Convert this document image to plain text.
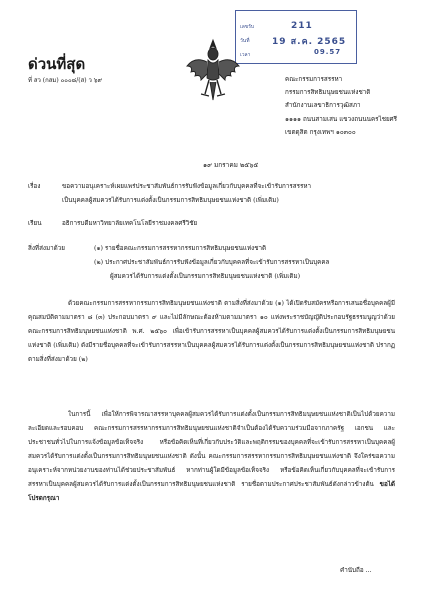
เลขรับ	211
วันที่ 19 ส.ค. 2565
เวลา	09.57
ด่วนที่สุด
ที่ สว (กสม) ๐๐๐๘/(ส) ว ๖๙	คณะกรรมการสรรหา
กรรมการสิทธิมนุษยชนแห่งชาติ
สำนักงานเลขาธิการวุฒิสภา
๑๑๑๑ ถนนสามเสน แขวงถนนนครไชยศรี
เขตดุสิต กรุงเทพฯ ๑๐๓๐๐
๑๙ มกราคม ๒๕๖๕
เรื่อง	ขอความอนุเคราะห์เผยแพร่ประชาสัมพันธ์การรับฟังข้อมูลเกี่ยวกับบุคคลที่จะเข้ารับการสรรหา
เป็นบุคคลผู้สมควรได้รับการแต่งตั้งเป็นกรรมการสิทธิมนุษยชนแห่งชาติ (เพิ่มเติม)
เรียน	อธิการบดีมหาวิทยาลัยเทคโนโลยีราชมงคลศรีวิชัย
สิ่งที่ส่งมาด้วย	(๑) รายชื่อคณะกรรมการสรรหากรรมการสิทธิมนุษยชนแห่งชาติ
(๒) ประกาศประชาสัมพันธ์การรับฟังข้อมูลเกี่ยวกับบุคคลที่จะเข้ารับการสรรหาเป็นบุคคล
ผู้สมควรได้รับการแต่งตั้งเป็นกรรมการสิทธิมนุษยชนแห่งชาติ (เพิ่มเติม)
ด้วยคณะกรรมการสรรหากรรมการสิทธิมนุษยชนแห่งชาติ ตามสิ่งที่ส่งมาด้วย (๑) ได้เปิดรับสมัครหรือการเสนอชื่อบุคคลผู้มีคุณสมบัติตามมาตรา ๘ (๓) ประกอบมาตรา ๙ และไม่มีลักษณะต้องห้ามตามมาตรา ๑๐ แห่งพระราชบัญญัติประกอบรัฐธรรมนูญว่าด้วยคณะกรรมการสิทธิมนุษยชนแห่งชาติ พ.ศ. ๒๕๖๐ เพื่อเข้ารับการสรรหาเป็นบุคคลผู้สมควรได้รับการแต่งตั้งเป็นกรรมการสิทธิมนุษยชนแห่งชาติ (เพิ่มเติม) ดังมีรายชื่อบุคคลที่จะเข้ารับการสรรหาเป็นบุคคลผู้สมควรได้รับการแต่งตั้งเป็นกรรมการสิทธิมนุษยชนแห่งชาติ ปรากฏตามสิ่งที่ส่งมาด้วย (๒)
ในการนี้ เพื่อให้การพิจารณาสรรหาบุคคลผู้สมควรได้รับการแต่งตั้งเป็นกรรมการสิทธิมนุษยชนแห่งชาติเป็นไปด้วยความละเอียดและรอบคอบ คณะกรรมการสรรหากรรมการสิทธิมนุษยชนแห่งชาติจำเป็นต้องได้รับความร่วมมือจากภาครัฐ เอกชน และประชาชนทั่วไปในการแจ้งข้อมูลข้อเท็จจริง หรือข้อคิดเห็นที่เกี่ยวกับประวัติและพฤติกรรมของบุคคลที่จะเข้ารับการสรรหาเป็นบุคคลผู้สมควรได้รับการแต่งตั้งเป็นกรรมการสิทธิมนุษยชนแห่งชาติ ดังนั้น คณะกรรมการสรรหากรรมการสิทธิมนุษยชนแห่งชาติ จึงใคร่ขอความอนุเคราะห์จากหน่วยงานของท่านได้ช่วยประชาสัมพันธ์ หากท่านผู้ใดมีข้อมูลข้อเท็จจริง หรือข้อคิดเห็นเกี่ยวกับบุคคลที่จะเข้ารับการสรรหาเป็นบุคคลผู้สมควรได้รับการแต่งตั้งเป็นกรรมการสิทธิมนุษยชนแห่งชาติ รายชื่อตามประกาศประชาสัมพันธ์ดังกล่าวข้างต้น ขอได้โปรดกรุณา
คำนับถือ ...
